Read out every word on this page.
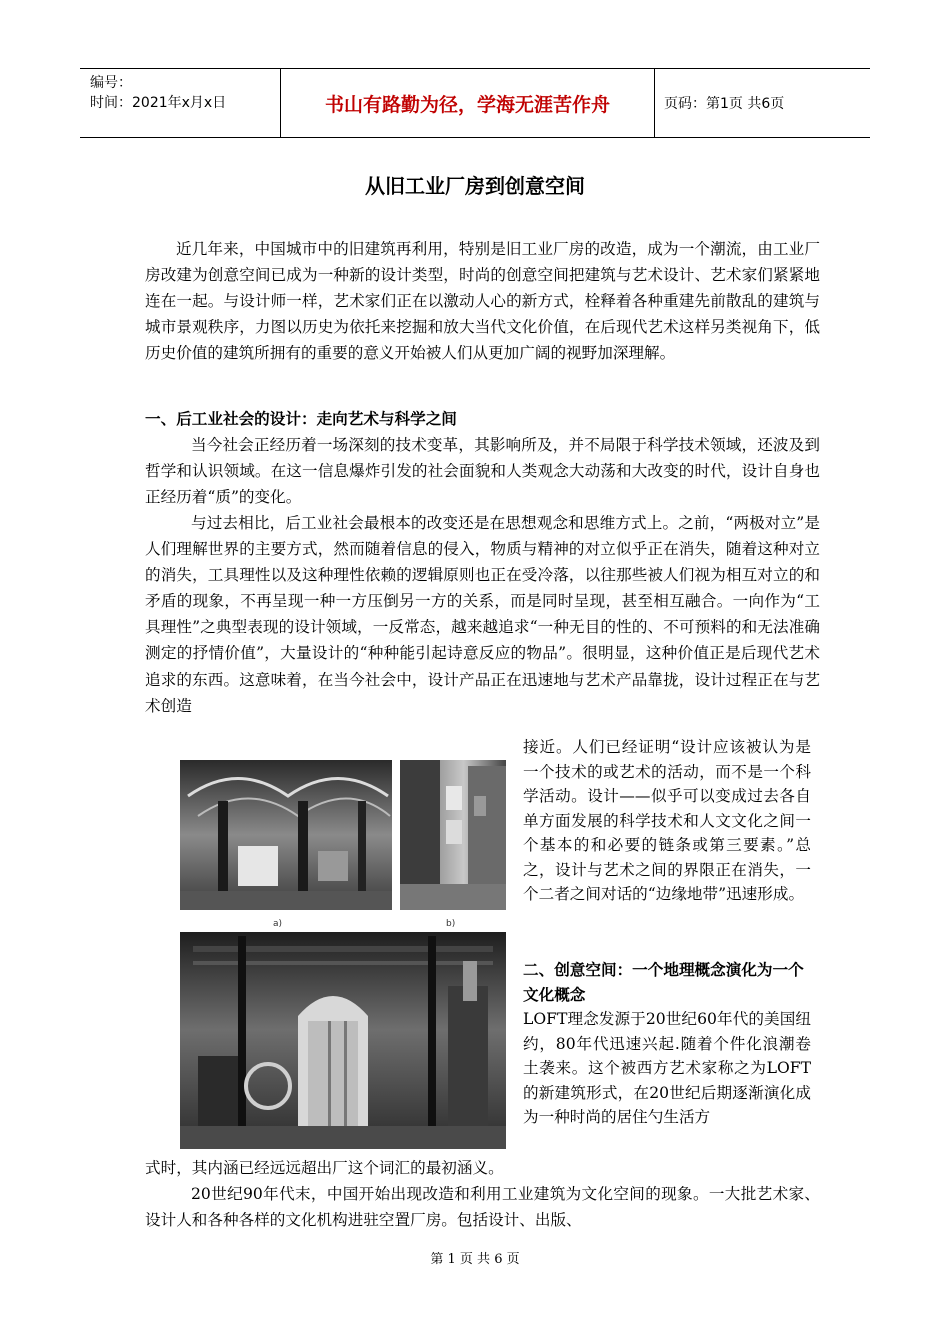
编号：
时间：2021年x月x日	书山有路勤为径，学海无涯苦作舟	页码：第1页 共6页
从旧工业厂房到创意空间

近几年来，中国城市中的旧建筑再利用，特别是旧工业厂房的改造，成为一个潮流，由工业厂房改建为创意空间已成为一种新的设计类型，时尚的创意空间把建筑与艺术设计、艺术家们紧紧地连在一起。与设计师一样，艺术家们正在以激动人心的新方式，栓释着各种重建先前散乱的建筑与城市景观秩序，力图以历史为依托来挖掘和放大当代文化价值，在后现代艺术这样另类视角下，低历史价值的建筑所拥有的重要的意义开始被人们从更加广阔的视野加深理解。

一、后工业社会的设计：走向艺术与科学之间

当今社会正经历着一场深刻的技术变革，其影响所及，并不局限于科学技术领域，还波及到哲学和认识领域。在这一信息爆炸引发的社会面貌和人类观念大动荡和大改变的时代，设计自身也正经历着“质”的变化。

与过去相比，后工业社会最根本的改变还是在思想观念和思维方式上。之前，“两极对立”是人们理解世界的主要方式，然而随着信息的侵入，物质与精神的对立似乎正在消失，随着这种对立的消失，工具理性以及这种理性依赖的逻辑原则也正在受冷落，以往那些被人们视为相互对立的和矛盾的现象，不再呈现一种一方压倒另一方的关系，而是同时呈现，甚至相互融合。一向作为“工具理性”之典型表现的设计领域，一反常态，越来越追求“一种无目的性的、不可预料的和无法准确测定的抒情价值”，大量设计的“种种能引起诗意反应的物品”。很明显，这种价值正是后现代艺术追求的东西。这意味着，在当今社会中，设计产品正在迅速地与艺术产品靠拢，设计过程正在与艺术创造

a)	b)

接近。人们已经证明“设计应该被认为是一个技术的或艺术的活动，而不是一个科学活动。设计——似乎可以变成过去各自单方面发展的科学技术和人文文化之间一个基本的和必要的链条或第三要素。”总之，设计与艺术之间的界限正在消失，一个二者之间对话的“边缘地带”迅速形成。

二、创意空间：一个地理概念演化为一个文化概念

LOFT理念发源于20世纪60年代的美国纽约，80年代迅速兴起.随着个件化浪潮卷土袭来。这个被西方艺术家称之为LOFT的新建筑形式，在20世纪后期逐渐演化成为一种时尚的居住勺生活方

式时，其内涵已经远远超出厂这个词汇的最初涵义。

20世纪90年代末，中国开始出现改造和利用工业建筑为文化空间的现象。一大批艺术家、设计人和各种各样的文化机构进驻空置厂房。包括设计、出版、

第 1 页 共 6 页
